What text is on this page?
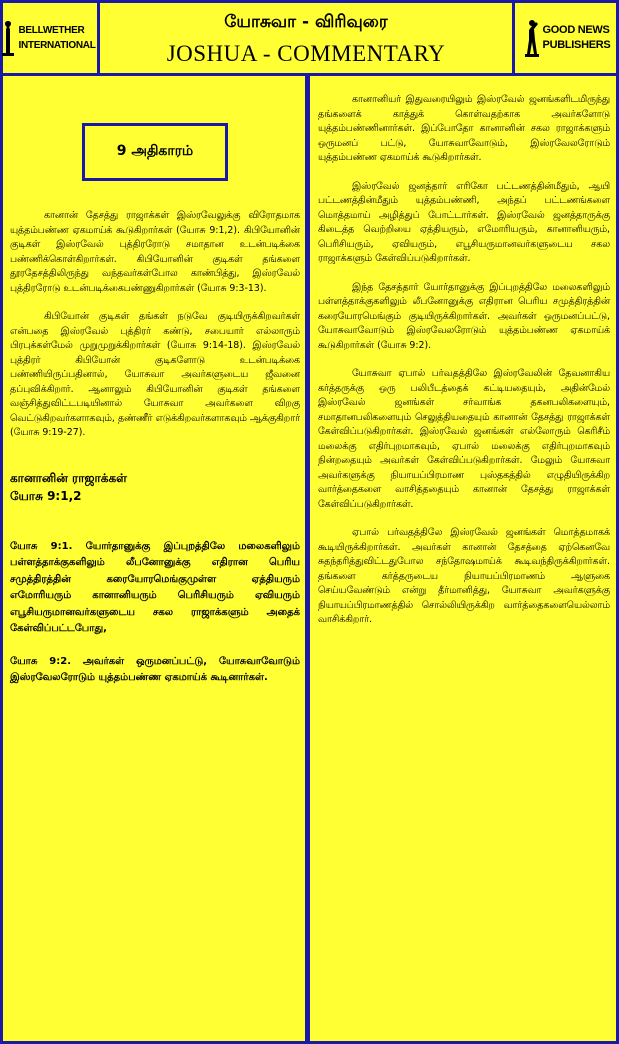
BELLWETHER
INTERNATIONAL
யோசுவா - விரிவுரை
JOSHUA - COMMENTARY
GOOD NEWS
PUBLISHERS
9 அதிகாரம்

கானான் தேசத்து ராஜாக்கள் இஸ்ரவேலுக்கு விரோதமாக யுத்தம்பண்ண ஏகமாய்க் கூடுகிறார்கள் (யோசு 9:1,2). கிபியோனின் குடிகள் இஸ்ரவேல் புத்திரரோடு சமாதான உடன்படிக்கை பண்ணிக்கொள்கிறார்கள். கிபியோனின் குடிகள் தங்களை தூரதேசத்திலிருந்து வந்தவர்கள்போல காண்பித்து, இஸ்ரவேல் புத்திரரோடு உடன்படிக்கைபண்ணுகிறார்கள் (யோசு 9:3-13).

கிபியோன் குடிகள் தங்கள் நடுவே குடியிருக்கிறவர்கள் என்பதை இஸ்ரவேல் புத்திரர் கண்டு, சபையார் எல்லாரும் பிரபுக்கள்மேல் முறுமுறுக்கிறார்கள் (யோசு 9:14-18). இஸ்ரவேல் புத்திரர் கிபியோன் குடிகளோடு உடன்படிக்கை பண்ணியிருப்பதினால், யோசுவா அவர்களுடைய ஜீவனை தப்புவிக்கிறார். ஆனாலும் கிபியோனின் குடிகள் தங்களை வஞ்சித்துவிட்டபடியினால் யோசுவா அவர்களை விறகு வெட்டுகிறவர்களாகவும், தண்ணீர் எடுக்கிறவர்களாகவும் ஆக்குகிறார் (யோசு 9:19-27).

கானானின் ராஜாக்கள்
யோசு 9:1,2

யோசு 9:1. யோர்தானுக்கு இப்புறத்திலே மலைகளிலும் பள்ளத்தாக்குகளிலும் லீபனோனுக்கு எதிரான பெரிய சமுத்திரத்தின் கரையோரமெங்குமுள்ள ஏத்தியரும் எமோரியரும் கானானியரும் பெரிசியரும் ஏவியரும் எபூசியருமானவர்களுடைய சகல ராஜாக்களும் அதைக் கேள்விப்பட்டபோது,

யோசு 9:2. அவர்கள் ஒருமனப்பட்டு, யோசுவாவோடும் இஸ்ரவேலரோடும் யுத்தம்பண்ண ஏகமாய்க் கூடினார்கள்.

கானானியர் இதுவரையிலும் இஸ்ரவேல் ஜனங்களிடமிருந்து தங்களைக் காத்துக் கொள்வதற்காக அவர்களோடு யுத்தம்பண்ணினார்கள். இப்போதோ கானானின் சகல ராஜாக்களும் ஒருமனப் பட்டு, யோசுவாவோடும், இஸ்ரவேலரோடும் யுத்தம்பண்ண ஏகமாய்க் கூடுகிறார்கள்.

இஸ்ரவேல் ஜனத்தார் எரிகோ பட்டணத்தின்மீதும், ஆயி பட்டணத்தின்மீதும் யுத்தம்பண்ணி, அந்தப் பட்டணங்களை மொத்தமாய் அழித்துப் போட்டார்கள். இஸ்ரவேல் ஜனத்தாருக்கு கிடைத்த வெற்றியை ஏத்தியரும், எமோரியரும், கானானியரும், பெரிசியரும், ஏவியரும், எபூசியருமானவர்களுடைய சகல ராஜாக்களும் கேள்விப்படுகிறார்கள்.

இந்த தேசத்தார் யோர்தானுக்கு இப்புறத்திலே மலைகளிலும் பள்ளத்தாக்குகளிலும் லீபனோனுக்கு எதிரான பெரிய சமுத்திரத்தின் கரையோரமெங்கும் குடியிருக்கிறார்கள். அவர்கள் ஒருமனப்பட்டு, யோசுவாவோடும் இஸ்ரவேலரோடும் யுத்தம்பண்ண ஏகமாய்க் கூடுகிறார்கள் (யோசு 9:2).

யோசுவா ஏபால் பர்வதத்திலே இஸ்ரவேலின் தேவனாகிய கர்த்தருக்கு ஒரு பலிபீடத்தைக் கட்டியதையும், அதின்மேல் இஸ்ரவேல் ஜனங்கள் சர்வாங்க தகனபலிகளையும், சமாதானபலிகளையும் செலுத்தியதையும் கானான் தேசத்து ராஜாக்கள் கேள்விப்படுகிறார்கள். இஸ்ரவேல் ஜனங்கள் எல்லோரும் கெரிசீம் மலைக்கு எதிர்புறமாகவும், ஏபால் மலைக்கு எதிர்புறமாகவும் நின்றதையும் அவர்கள் கேள்விப்படுகிறார்கள். மேலும் யோசுவா அவர்களுக்கு நியாயப்பிரமாண புஸ்தகத்தில் எழுதியிருக்கிற வார்த்தைகளை வாசித்ததையும் கானான் தேசத்து ராஜாக்கள் கேள்விப்படுகிறார்கள்.

ஏபால் பர்வதத்திலே இஸ்ரவேல் ஜனங்கள் மொத்தமாகக் கூடியிருக்கிறார்கள். அவர்கள் கானான் தேசத்தை ஏற்கெனவே சுதந்தரித்துவிட்டதுபோல சந்தோஷமாய்க் கூடிவந்திருக்கிறார்கள். தங்களை கர்த்தருடைய நியாயப்பிரமாணம் ஆளுகை செய்யவேண்டும் என்று தீர்மானித்து, யோசுவா அவர்களுக்கு நியாயப்பிரமாணத்தில் சொல்லியிருக்கிற வார்த்தைகளையெல்லாம் வாசிக்கிறார்.
